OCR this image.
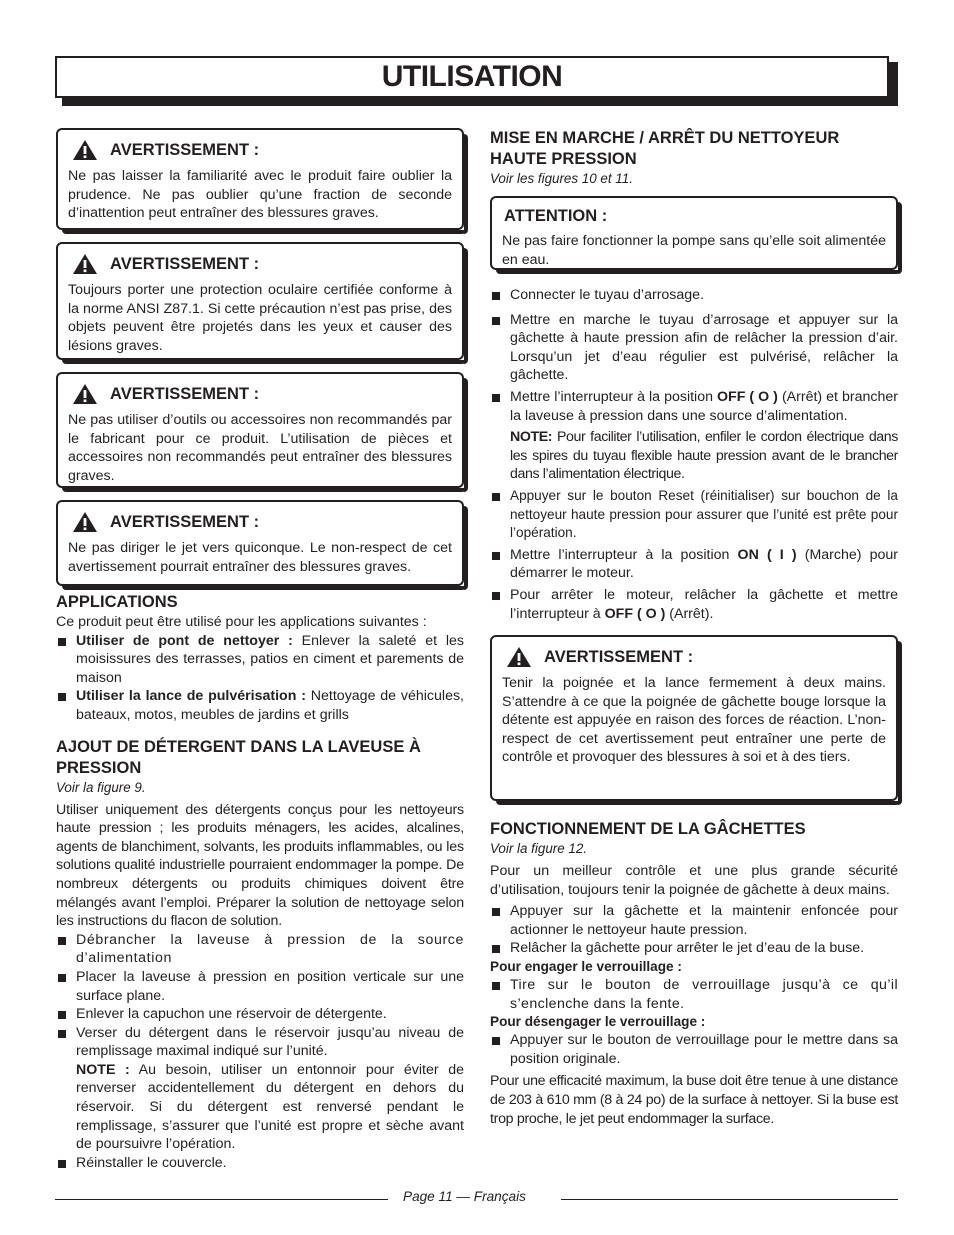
UTILISATION
AVERTISSEMENT :
Ne pas laisser la familiarité avec le produit faire oublier la prudence. Ne pas oublier qu’une fraction de seconde d’inattention peut entraîner des blessures graves.
AVERTISSEMENT :
Toujours porter une protection oculaire certifiée conforme à la norme ANSI Z87.1. Si cette précaution n’est pas prise, des objets peuvent être projetés dans les yeux et causer des lésions graves.
AVERTISSEMENT :
Ne pas utiliser d’outils ou accessoires non recommandés par le fabricant pour ce produit. L’utilisation de pièces et accessoires non recommandés peut entraîner des blessures graves.
AVERTISSEMENT :
Ne pas diriger le jet vers quiconque. Le non-respect de cet avertissement pourrait entraîner des blessures graves.
APPLICATIONS

Ce produit peut être utilisé pour les applications suivantes :

Utiliser de pont de nettoyer : Enlever la saleté et les moisissures des terrasses, patios en ciment et parements de maison
Utiliser la lance de pulvérisation : Nettoyage de véhicules, bateaux, motos, meubles de jardins et grills
AJOUT DE DÉTERGENT DANS LA LAVEUSE À PRESSION
Voir la figure 9.

Utiliser uniquement des détergents conçus pour les nettoyeurs haute pression ; les produits ménagers, les acides, alcalines, agents de blanchiment, solvants, les produits inflammables, ou les solutions qualité industrielle pourraient endommager la pompe. De nombreux détergents ou produits chimiques doivent être mélangés avant l’emploi. Préparer la solution de nettoyage selon les instructions du flacon de solution.

Débrancher la laveuse à pression de la source d’alimentation
Placer la laveuse à pression en position verticale sur une surface plane.
Enlever la capuchon une réservoir de détergente.
Verser du détergent dans le réservoir jusqu’au niveau de remplissage maximal indiqué sur l’unité.
NOTE : Au besoin, utiliser un entonnoir pour éviter de renverser accidentellement du détergent en dehors du réservoir. Si du détergent est renversé pendant le remplissage, s’assurer que l’unité est propre et sèche avant de poursuivre l’opération.
Réinstaller le couvercle.
MISE EN MARCHE / ARRÊT DU NETTOYEUR HAUTE PRESSION
Voir les figures 10 et 11.
ATTENTION :
Ne pas faire fonctionner la pompe sans qu’elle soit alimentée en eau.
Connecter le tuyau d’arrosage.
Mettre en marche le tuyau d’arrosage et appuyer sur la gâchette à haute pression afin de relâcher la pression d’air. Lorsqu’un jet d’eau régulier est pulvérisé, relâcher la gâchette.
Mettre l’interrupteur à la position OFF ( O ) (Arrêt) et brancher la laveuse à pression dans une source d’alimentation.
NOTE: Pour faciliter l’utilisation, enfiler le cordon électrique dans les spires du tuyau flexible haute pression avant de le brancher dans l’alimentation électrique.
Appuyer sur le bouton Reset (réinitialiser) sur bouchon de la nettoyeur haute pression pour assurer que l’unité est prête pour l’opération.
Mettre l’interrupteur à la position ON ( I ) (Marche) pour démarrer le moteur.
Pour arrêter le moteur, relâcher la gâchette et mettre l’interrupteur à OFF ( O ) (Arrêt).
AVERTISSEMENT :
Tenir la poignée et la lance fermement à deux mains. S’attendre à ce que la poignée de gâchette bouge lorsque la détente est appuyée en raison des forces de réaction. L’non-respect de cet avertissement peut entraîner une perte de contrôle et provoquer des blessures à soi et à des tiers.
FONCTIONNEMENT DE LA GÂCHETTES
Voir la figure 12.

Pour un meilleur contrôle et une plus grande sécurité d’utilisation, toujours tenir la poignée de gâchette à deux mains.

Appuyer sur la gâchette et la maintenir enfoncée pour actionner le nettoyeur haute pression.
Relâcher la gâchette pour arrêter le jet d’eau de la buse.
Pour engager le verrouillage :
Tire sur le bouton de verrouillage jusqu’à ce qu’il s’enclenche dans la fente.
Pour désengager le verrouillage :
Appuyer sur le bouton de verrouillage pour le mettre dans sa position originale.

Pour une efficacité maximum, la buse doit être tenue à une distance de 203 à 610 mm (8 à 24 po) de la surface à nettoyer. Si la buse est trop proche, le jet peut endommager la surface.

Page 11 — Français
